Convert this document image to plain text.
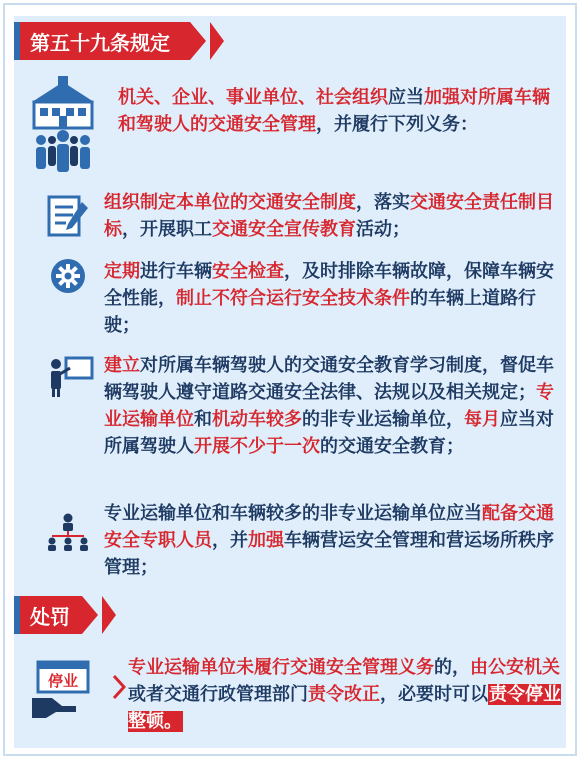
第五十九条规定
机关、企业、事业单位、社会组织应当加强对所属车辆和驾驶人的交通安全管理，并履行下列义务：
组织制定本单位的交通安全制度，落实交通安全责任制目标，开展职工交通安全宣传教育活动；
定期进行车辆安全检查，及时排除车辆故障，保障车辆安全性能，制止不符合运行安全技术条件的车辆上道路行驶；
建立对所属车辆驾驶人的交通安全教育学习制度，督促车辆驾驶人遵守道路交通安全法律、法规以及相关规定；专业运输单位和机动车较多的非专业运输单位，每月应当对所属驾驶人开展不少于一次的交通安全教育；
专业运输单位和车辆较多的非专业运输单位应当配备交通安全专职人员，并加强车辆营运安全管理和营运场所秩序管理；
处罚
停业
专业运输单位未履行交通安全管理义务的，由公安机关或者交通行政管理部门责令改正，必要时可以责令停业整顿。
